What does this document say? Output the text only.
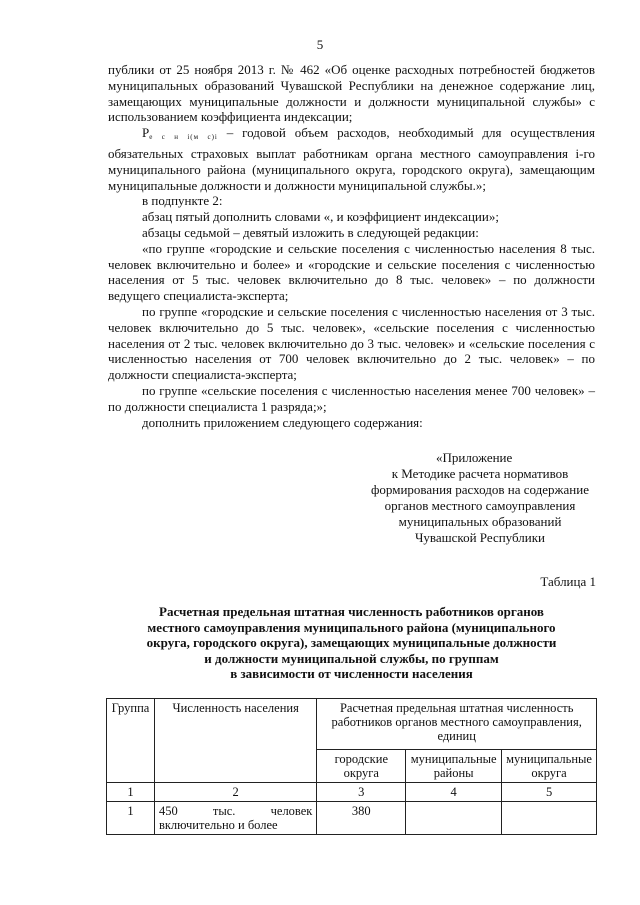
5

публики от 25 ноября 2013 г. № 462 «Об оценке расходных потребностей бюджетов муниципальных образований Чувашской Республики на денежное содержание лиц, замещающих муниципальные должности и должности муниципальной службы» с использованием коэффициента индексации;

Ре с н i(м с)i – годовой объем расходов, необходимый для осуществления обязательных страховых выплат работникам органа местного самоуправления i-го муниципального района (муниципального округа, городского округа), замещающим муниципальные должности и должности муниципальной службы.»;

в подпункте 2:

абзац пятый дополнить словами «, и коэффициент индексации»;

абзацы седьмой – девятый изложить в следующей редакции:

«по группе «городские и сельские поселения с численностью населения 8 тыс. человек включительно и более» и «городские и сельские поселения с численностью населения от 5 тыс. человек включительно до 8 тыс. человек» – по должности ведущего специалиста-эксперта;

по группе «городские и сельские поселения с численностью населения от 3 тыс. человек включительно до 5 тыс. человек», «сельские поселения с численностью населения от 2 тыс. человек включительно до 3 тыс. человек» и «сельские поселения с численностью населения от 700 человек включительно до 2 тыс. человек» – по должности специалиста-эксперта;

по группе «сельские поселения с численностью населения менее 700 человек» – по должности специалиста 1 разряда;»;

дополнить приложением следующего содержания:

«Приложение
к Методике расчета нормативов
формирования расходов на содержание
органов местного самоуправления
муниципальных образований
Чувашской Республики
Таблица 1
Расчетная предельная штатная численность работников органов
местного самоуправления муниципального района (муниципального
округа, городского округа), замещающих муниципальные должности
и должности муниципальной службы, по группам
в зависимости от численности населения
Группа	Численность населения	Расчетная предельная штатная численность работников органов местного самоуправления, единиц		
		городские округа	муниципальные районы	муниципальные округа
1	2	3	4	5
1	450 тыс. человек включительно и более	380		
